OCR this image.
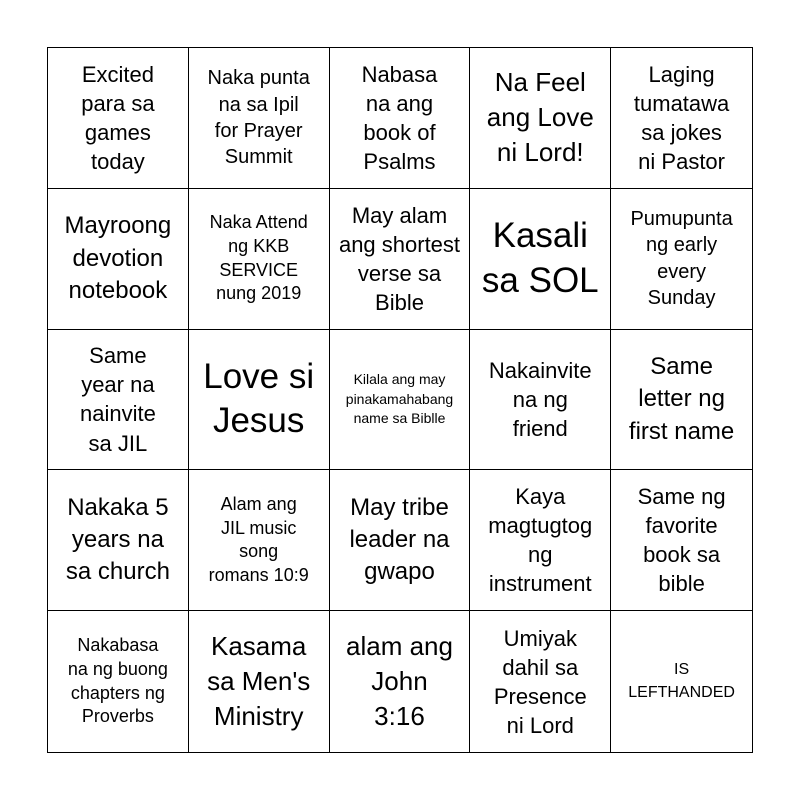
Excited
para sa
games
today
Naka punta
na sa Ipil
for Prayer
Summit
Nabasa
na ang
book of
Psalms
Na Feel
ang Love
ni Lord!
Laging
tumatawa
sa jokes
ni Pastor
Mayroong
devotion
notebook
Naka Attend
ng KKB
SERVICE
nung 2019
May alam
ang shortest
verse sa
Bible
Kasali
sa SOL
Pumupunta
ng early
every
Sunday
Same
year na
nainvite
sa JIL
Love si
Jesus
Kilala ang may
pinakamahabang
name sa Biblle
Nakainvite
na ng
friend
Same
letter ng
first name
Nakaka 5
years na
sa church
Alam ang
JIL music
song
romans 10:9
May tribe
leader na
gwapo
Kaya
magtugtog
ng
instrument
Same ng
favorite
book sa
bible
Nakabasa
na ng buong
chapters ng
Proverbs
Kasama
sa Men's
Ministry
alam ang
John
3:16
Umiyak
dahil sa
Presence
ni Lord
IS
LEFTHANDED
